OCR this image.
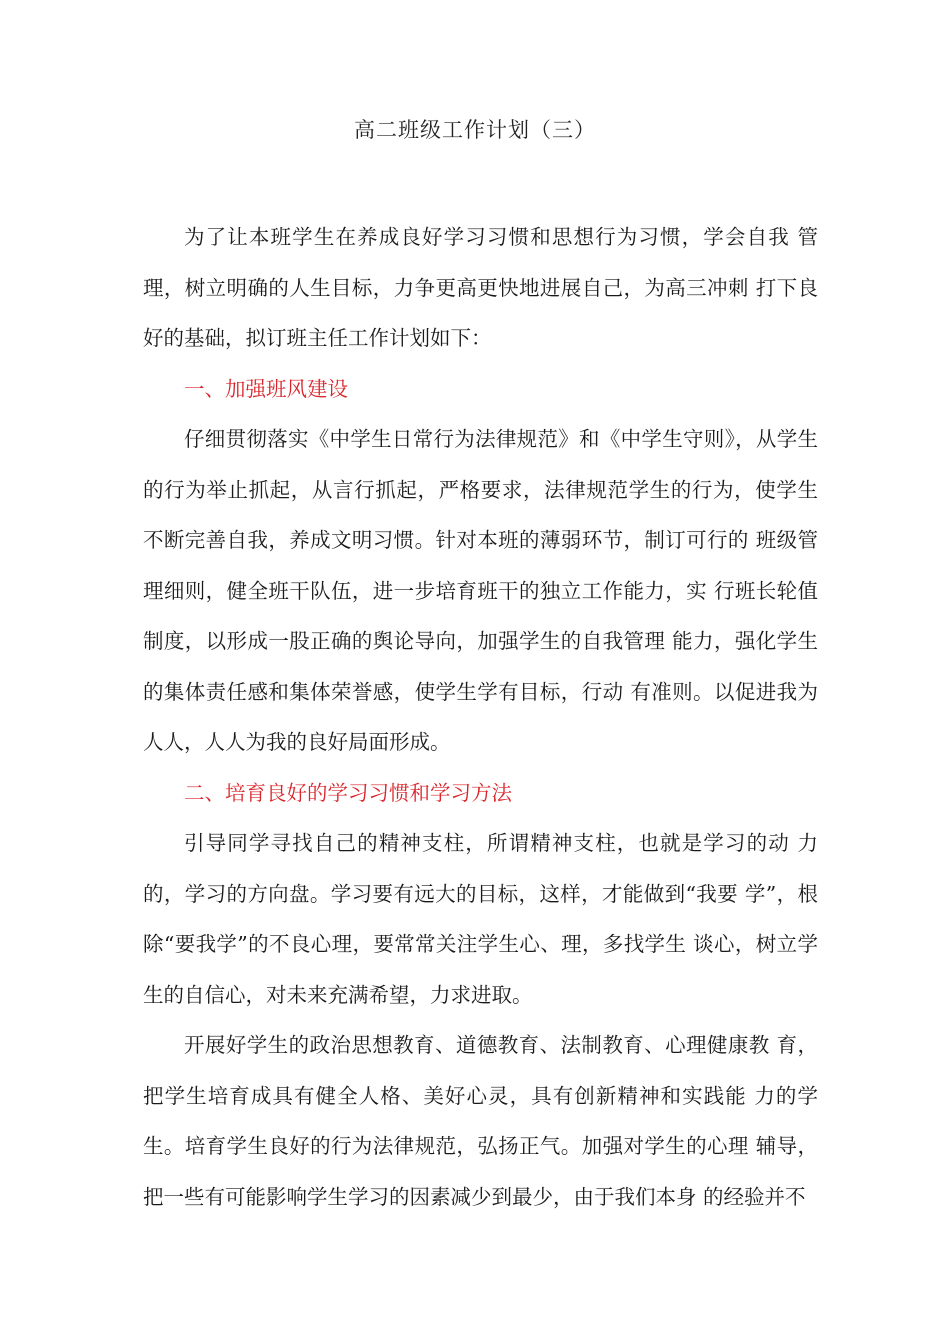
高二班级工作计划（三）

为了让本班学生在养成良好学习习惯和思想行为习惯，学会自我 管理，树立明确的人生目标，力争更高更快地进展自己，为高三冲刺 打下良好的基础，拟订班主任工作计划如下：

一、加强班风建设

仔细贯彻落实《中学生日常行为法律规范》和《中学生守则》，从学生的行为举止抓起，从言行抓起，严格要求，法律规范学生的行为，使学生不断完善自我，养成文明习惯。针对本班的薄弱环节，制订可行的 班级管理细则，健全班干队伍，进一步培育班干的独立工作能力，实 行班长轮值制度，以形成一股正确的舆论导向，加强学生的自我管理 能力，强化学生的集体责任感和集体荣誉感，使学生学有目标，行动 有准则。以促进我为人人，人人为我的良好局面形成。

二、培育良好的学习习惯和学习方法

引导同学寻找自己的精神支柱，所谓精神支柱，也就是学习的动 力的，学习的方向盘。学习要有远大的目标，这样，才能做到“我要 学”，根除“要我学”的不良心理，要常常关注学生心、理，多找学生 谈心，树立学生的自信心，对未来充满希望，力求进取。

开展好学生的政治思想教育、道德教育、法制教育、心理健康教 育，把学生培育成具有健全人格、美好心灵，具有创新精神和实践能 力的学生。培育学生良好的行为法律规范，弘扬正气。加强对学生的心理 辅导，把一些有可能影响学生学习的因素减少到最少，由于我们本身 的经验并不
